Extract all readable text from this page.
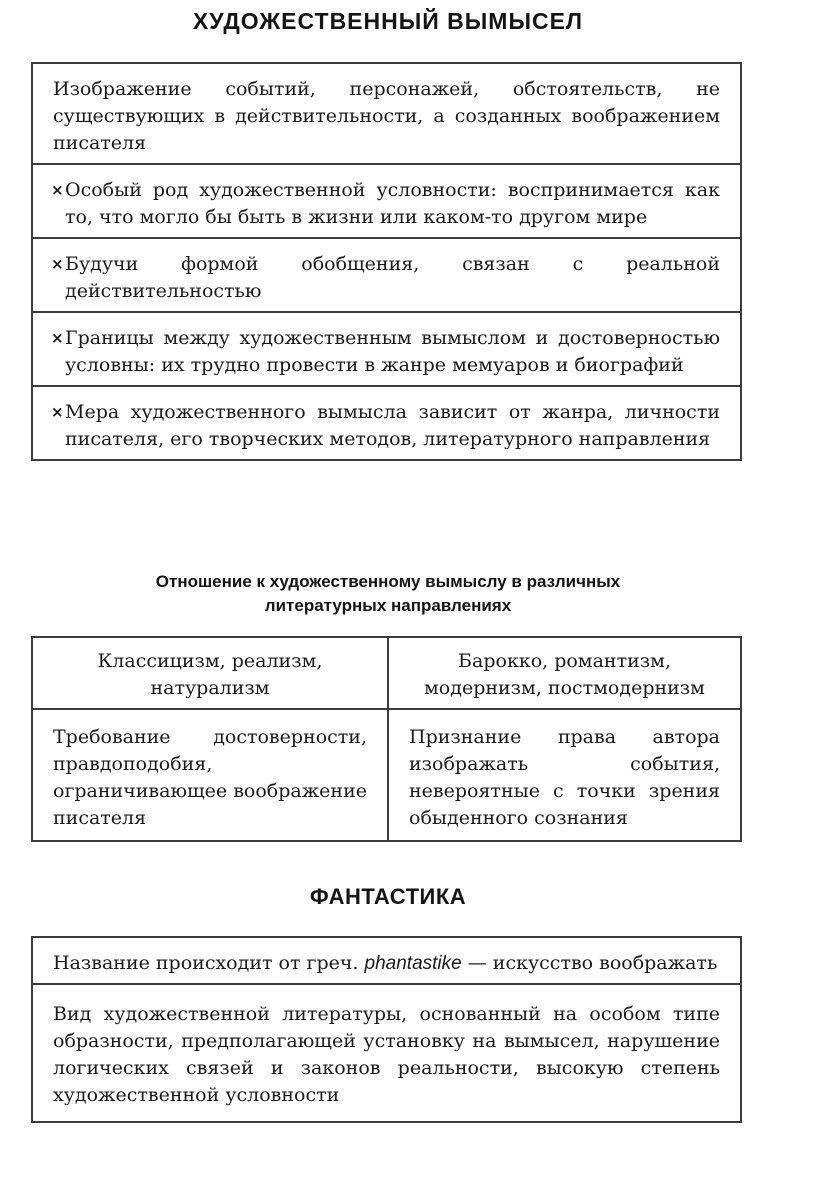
ХУДОЖЕСТВЕННЫЙ ВЫМЫСЕЛ
Изображение событий, персонажей, обстоятельств, не существующих в действительности, а созданных воображением писателя
× Особый род художественной условности: воспринимается как то, что могло бы быть в жизни или каком-то другом мире
× Будучи формой обобщения, связан с реальной действительностью
× Границы между художественным вымыслом и достоверностью условны: их трудно провести в жанре мемуаров и биографий
× Мера художественного вымысла зависит от жанра, личности писателя, его творческих методов, литературного направления
Отношение к художественному вымыслу в различных
литературных направлениях
Классицизм, реализм,
натурализм
Барокко, романтизм,
модернизм, постмодернизм
Требование достоверности, правдоподобия, ограничивающее воображение писателя
Признание права автора изображать события, невероятные с точки зрения обыденного сознания
ФАНТАСТИКА
Название происходит от греч. phantastike — искусство воображать
Вид художественной литературы, основанный на особом типе образности, предполагающей установку на вымысел, нарушение логических связей и законов реальности, высокую степень художественной условности
